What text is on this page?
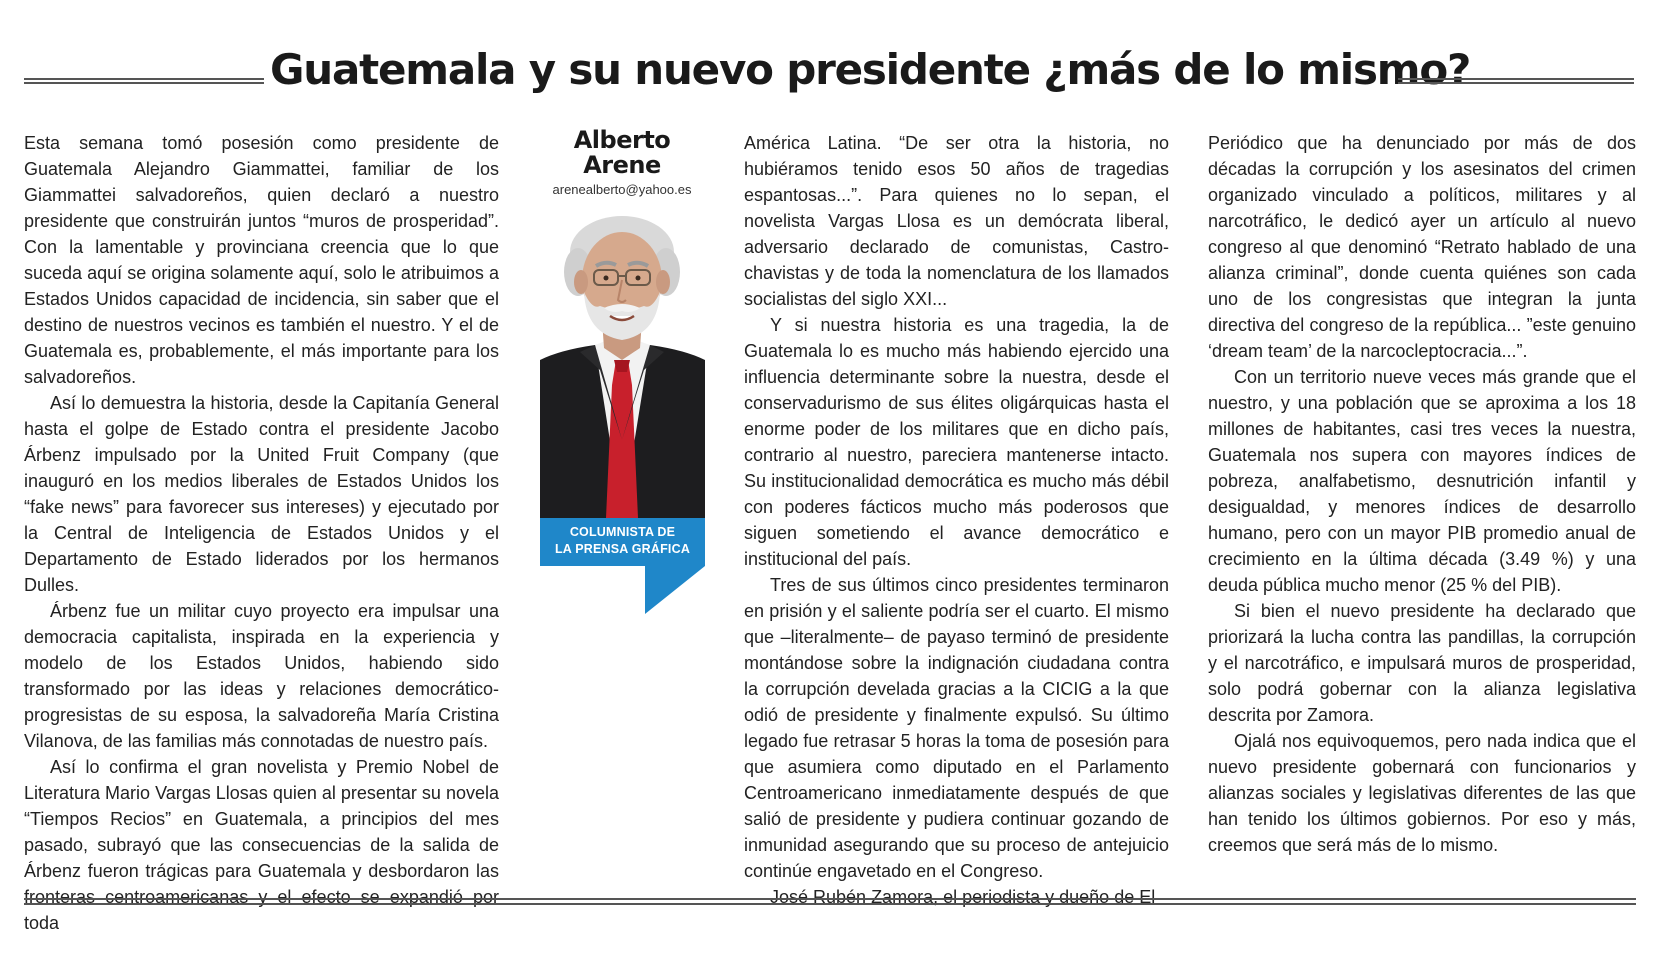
Guatemala y su nuevo presidente ¿más de lo mismo?

Esta semana tomó posesión como presidente de Guatemala Alejandro Giammattei, familiar de los Giammattei salvadoreños, quien declaró a nuestro presidente que construirán juntos “muros de prosperidad”. Con la lamentable y provinciana creencia que lo que suceda aquí se origina solamente aquí, solo le atribuimos a Estados Unidos capacidad de incidencia, sin saber que el destino de nuestros vecinos es también el nuestro. Y el de Guatemala es, probablemente, el más importante para los salvadoreños.

Así lo demuestra la historia, desde la Capitanía General hasta el golpe de Estado contra el presidente Jacobo Árbenz impulsado por la United Fruit Company (que inauguró en los medios liberales de Estados Unidos los “fake news” para favorecer sus intereses) y ejecutado por la Central de Inteligencia de Estados Unidos y el Departamento de Estado liderados por los hermanos Dulles.

Árbenz fue un militar cuyo proyecto era impulsar una democracia capitalista, inspirada en la experiencia y modelo de los Estados Unidos, habiendo sido transformado por las ideas y relaciones democrático-progresistas de su esposa, la salvadoreña María Cristina Vilanova, de las familias más connotadas de nuestro país.

Así lo confirma el gran novelista y Premio Nobel de Literatura Mario Vargas Llosas quien al presentar su novela “Tiempos Recios” en Guatemala, a principios del mes pasado, subrayó que las consecuencias de la salida de Árbenz fueron trágicas para Guatemala y desbordaron las fronteras centroamericanas y el efecto se expandió por toda

Alberto
Arene
arenealberto@yahoo.es
COLUMNISTA DE
LA PRENSA GRÁFICA

América Latina. “De ser otra la historia, no hubiéramos tenido esos 50 años de tragedias espantosas...”. Para quienes no lo sepan, el novelista Vargas Llosa es un demócrata liberal, adversario declarado de comunistas, Castro-chavistas y de toda la nomenclatura de los llamados socialistas del siglo XXI...

Y si nuestra historia es una tragedia, la de Guatemala lo es mucho más habiendo ejercido una influencia determinante sobre la nuestra, desde el conservadurismo de sus élites oligárquicas hasta el enorme poder de los militares que en dicho país, contrario al nuestro, pareciera mantenerse intacto. Su institucionalidad democrática es mucho más débil con poderes fácticos mucho más poderosos que siguen sometiendo el avance democrático e institucional del país.

Tres de sus últimos cinco presidentes terminaron en prisión y el saliente podría ser el cuarto. El mismo que –literalmente– de payaso terminó de presidente montándose sobre la indignación ciudadana contra la corrupción develada gracias a la CICIG a la que odió de presidente y finalmente expulsó. Su último legado fue retrasar 5 horas la toma de posesión para que asumiera como diputado en el Parlamento Centroamericano inmediatamente después de que salió de presidente y pudiera continuar gozando de inmunidad asegurando que su proceso de antejuicio continúe engavetado en el Congreso.

José Rubén Zamora, el periodista y dueño de El

Periódico que ha denunciado por más de dos décadas la corrupción y los asesinatos del crimen organizado vinculado a políticos, militares y al narcotráfico, le dedicó ayer un artículo al nuevo congreso al que denominó “Retrato hablado de una alianza criminal”, donde cuenta quiénes son cada uno de los congresistas que integran la junta directiva del congreso de la república... ”este genuino ‘dream team’ de la narcocleptocracia...”.

Con un territorio nueve veces más grande que el nuestro, y una población que se aproxima a los 18 millones de habitantes, casi tres veces la nuestra, Guatemala nos supera con mayores índices de pobreza, analfabetismo, desnutrición infantil y desigualdad, y menores índices de desarrollo humano, pero con un mayor PIB promedio anual de crecimiento en la última década (3.49 %) y una deuda pública mucho menor (25 % del PIB).

Si bien el nuevo presidente ha declarado que priorizará la lucha contra las pandillas, la corrupción y el narcotráfico, e impulsará muros de prosperidad, solo podrá gobernar con la alianza legislativa descrita por Zamora.

Ojalá nos equivoquemos, pero nada indica que el nuevo presidente gobernará con funcionarios y alianzas sociales y legislativas diferentes de las que han tenido los últimos gobiernos. Por eso y más, creemos que será más de lo mismo.
